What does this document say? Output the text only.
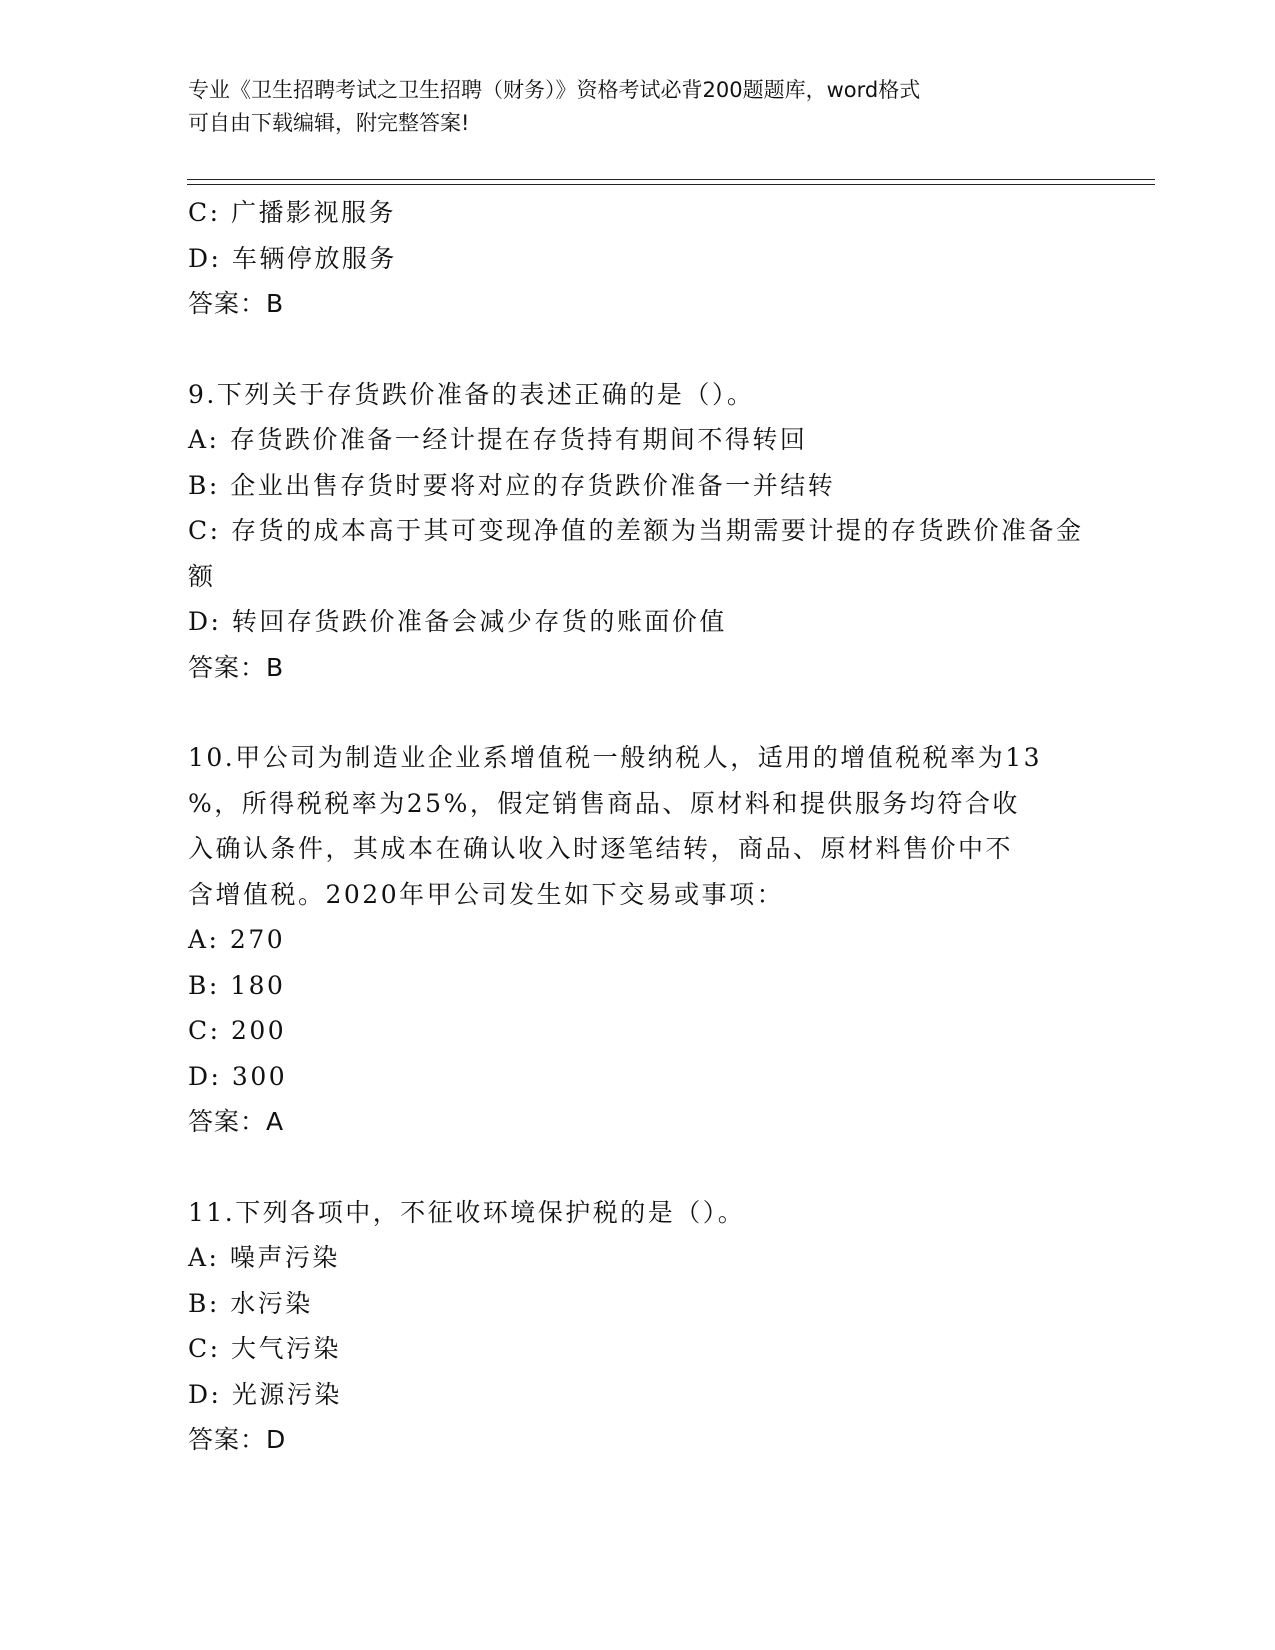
专业《卫生招聘考试之卫生招聘（财务）》资格考试必背200题题库，word格式
可自由下载编辑，附完整答案!

C: 广播影视服务

D: 车辆停放服务

答案：B

9.下列关于存货跌价准备的表述正确的是（）。

A: 存货跌价准备一经计提在存货持有期间不得转回

B: 企业出售存货时要将对应的存货跌价准备一并结转

C: 存货的成本高于其可变现净值的差额为当期需要计提的存货跌价准备金额

D: 转回存货跌价准备会减少存货的账面价值

答案：B

10.甲公司为制造业企业系增值税一般纳税人，适用的增值税税率为13

%，所得税税率为25%，假定销售商品、原材料和提供服务均符合收

入确认条件，其成本在确认收入时逐笔结转，商品、原材料售价中不

含增值税。2020年甲公司发生如下交易或事项：

A: 270

B: 180

C: 200

D: 300

答案：A

11.下列各项中，不征收环境保护税的是（）。

A: 噪声污染

B: 水污染

C: 大气污染

D: 光源污染

答案：D
